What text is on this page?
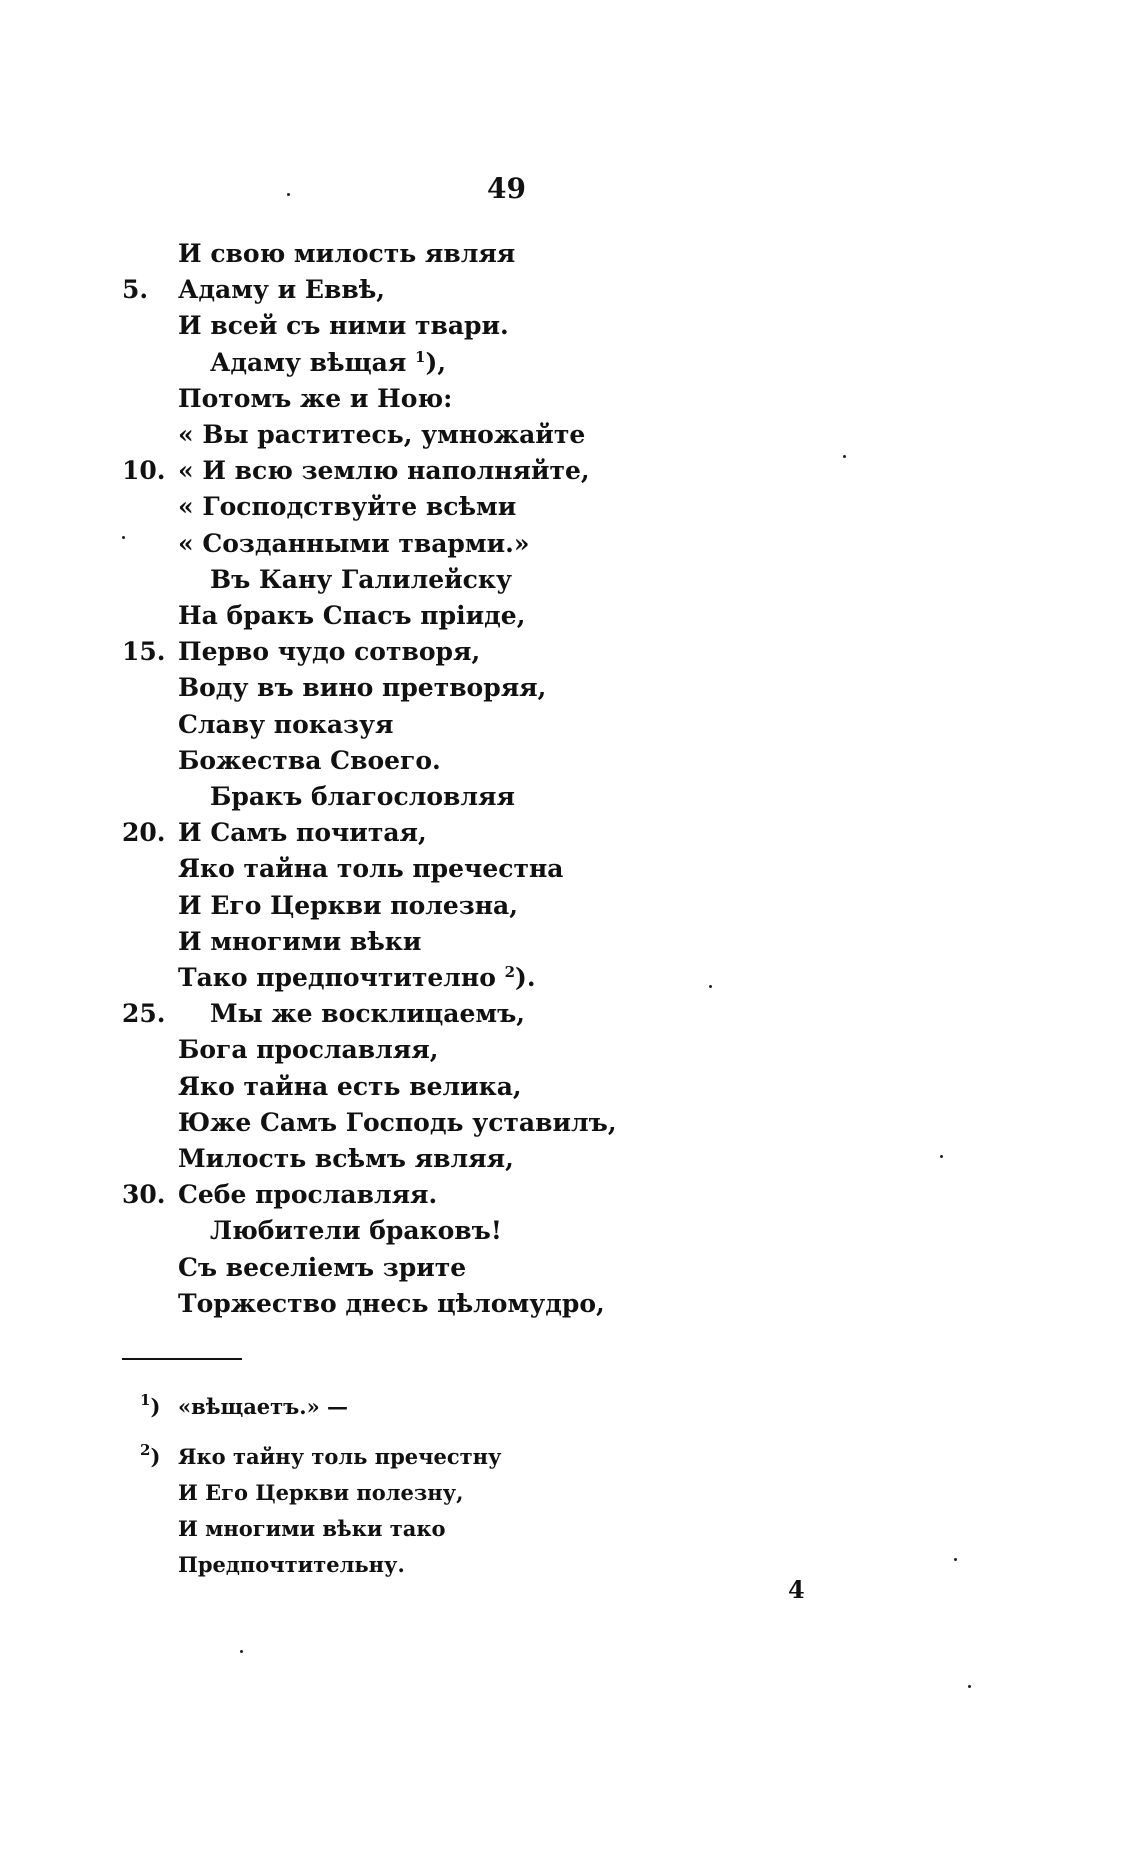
49
И свою милость являя
5.	Адаму и Еввѣ,
И всей съ ними твари.
Адаму вѣщая $^1$),
Потомъ же и Ною:
« Вы раститесь, умножайте
10. « И всю землю наполняйте,
« Господствуйте всѣми
« Созданными тварми.»
Въ Кану Галилейску
На бракъ Спасъ пріиде,
15. Перво чудо сотворя,
Воду въ вино претворяя,
Славу показуя
Божества Своего.
Бракъ благословляя
20. И Самъ почитая,
Яко тайна толь пречестна
И Его Церкви полезна,
И многими вѣки
Тако предпочтително $^2$).
25.	Мы же восклицаемъ,
Бога прославляя,
Яко тайна есть велика,
Юже Самъ Господь уставилъ,
Милость всѣмъ являя,
30. Себе прославляя.
Любители браковъ!
Съ веселіемъ зрите
Торжество днесь цѣломудро,
$^1$) «вѣщаетъ.» —
$^2$) Яко тайну толь пречестну
И Его Церкви полезну,
И многими вѣки тако
Предпочтительну.
4
